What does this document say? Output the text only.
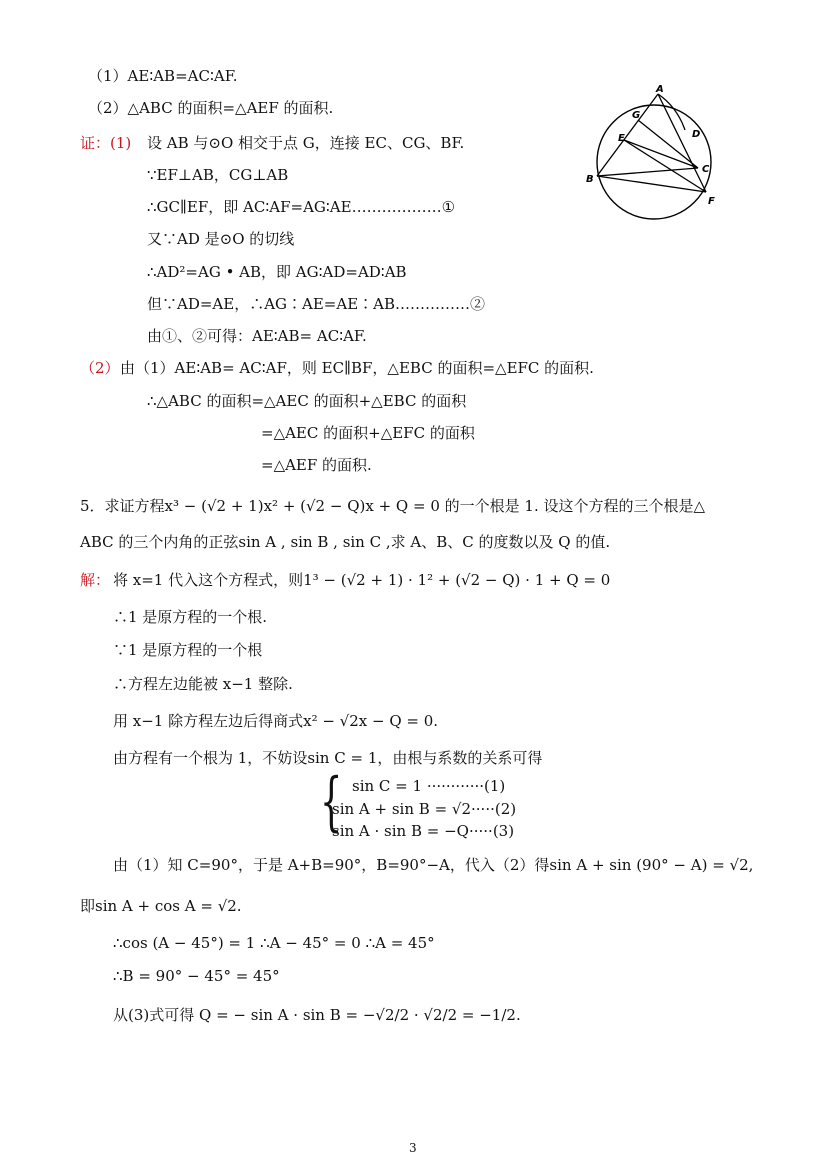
（1）AE∶AB=AC∶AF.
（2）△ABC 的面积=△AEF 的面积.
证：(1) 设 AB 与⊙O 相交于点 G，连接 EC、CG、BF.
∵EF⊥AB，CG⊥AB
∴GC∥EF，即 AC∶AF=AG∶AE………………①
又∵AD 是⊙O 的切线
∴AD²=AG • AB，即 AG∶AD=AD∶AB
但∵AD=AE，∴AG∶AE=AE∶AB……………②
由①、②可得：AE∶AB= AC∶AF.
（2） 由（1）AE∶AB= AC∶AF，则 EC∥BF，△EBC 的面积=△EFC 的面积.
∴△ABC 的面积=△AEC 的面积+△EBC 的面积
=△AEC 的面积+△EFC 的面积
=△AEF 的面积.
A
G
E	D
B
C
F
5．求证方程x³ − (√2 + 1)x² + (√2 − Q)x + Q = 0 的一个根是 1. 设这个方程的三个根是△
ABC 的三个内角的正弦sin A , sin B , sin C ,求 A、B、C 的度数以及 Q 的值.
解： 将 x=1 代入这个方程式，则1³ − (√2 + 1) · 1² + (√2 − Q) · 1 + Q = 0
∴1 是原方程的一个根.
∵1 是原方程的一个根
∴方程左边能被 x−1 整除.
用 x−1 除方程左边后得商式x² − √2x − Q = 0.
由方程有一个根为 1，不妨设sin C = 1，由根与系数的关系可得
{ sin C = 1 ············(1)
sin A + sin B = √2·····(2)
sin A · sin B = −Q·····(3)
由（1）知 C=90°，于是 A+B=90°，B=90°−A，代入（2）得sin A + sin (90° − A) = √2,
即sin A + cos A = √2.
∴cos (A − 45°) = 1 ∴A − 45° = 0 ∴A = 45°
∴B = 90° − 45° = 45°
从(3)式可得 Q = − sin A · sin B = −√2/2 · √2/2 = −1/2.
3
